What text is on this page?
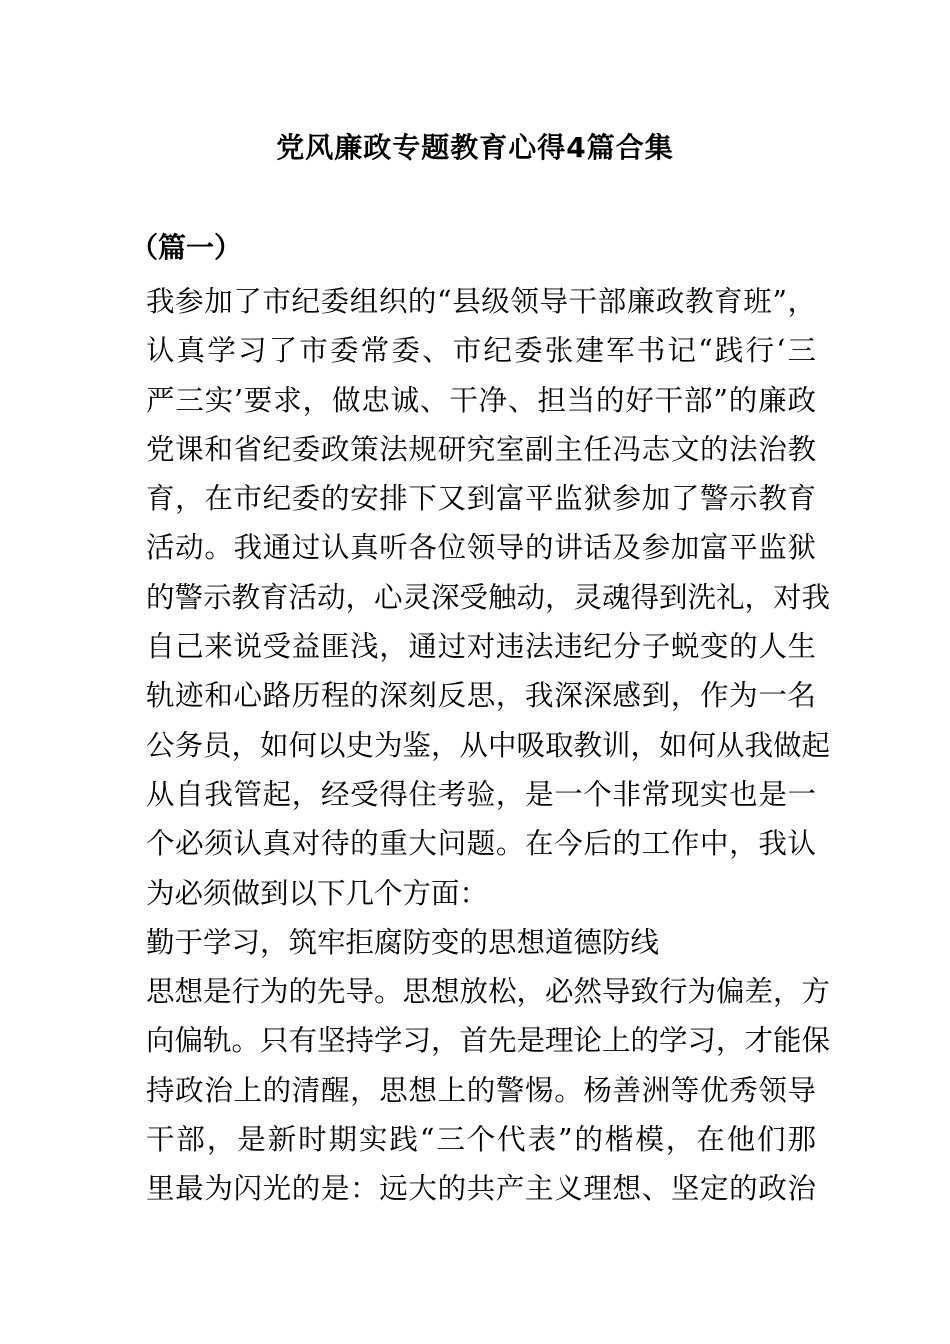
党风廉政专题教育心得4篇合集
（篇一）
我参加了市纪委组织的“县级领导干部廉政教育班”，
认真学习了市委常委、市纪委张建军书记“践行‘三
严三实’要求，做忠诚、干净、担当的好干部”的廉政
党课和省纪委政策法规研究室副主任冯志文的法治教
育，在市纪委的安排下又到富平监狱参加了警示教育
活动。我通过认真听各位领导的讲话及参加富平监狱
的警示教育活动，心灵深受触动，灵魂得到洗礼，对我
自己来说受益匪浅，通过对违法违纪分子蜕变的人生
轨迹和心路历程的深刻反思，我深深感到，作为一名
公务员，如何以史为鉴，从中吸取教训，如何从我做起
从自我管起，经受得住考验，是一个非常现实也是一
个必须认真对待的重大问题。在今后的工作中，我认
为必须做到以下几个方面：
勤于学习，筑牢拒腐防变的思想道德防线
思想是行为的先导。思想放松，必然导致行为偏差，方
向偏轨。只有坚持学习，首先是理论上的学习，才能保
持政治上的清醒，思想上的警惕。杨善洲等优秀领导
干部，是新时期实践“三个代表”的楷模，在他们那
里最为闪光的是：远大的共产主义理想、坚定的政治
